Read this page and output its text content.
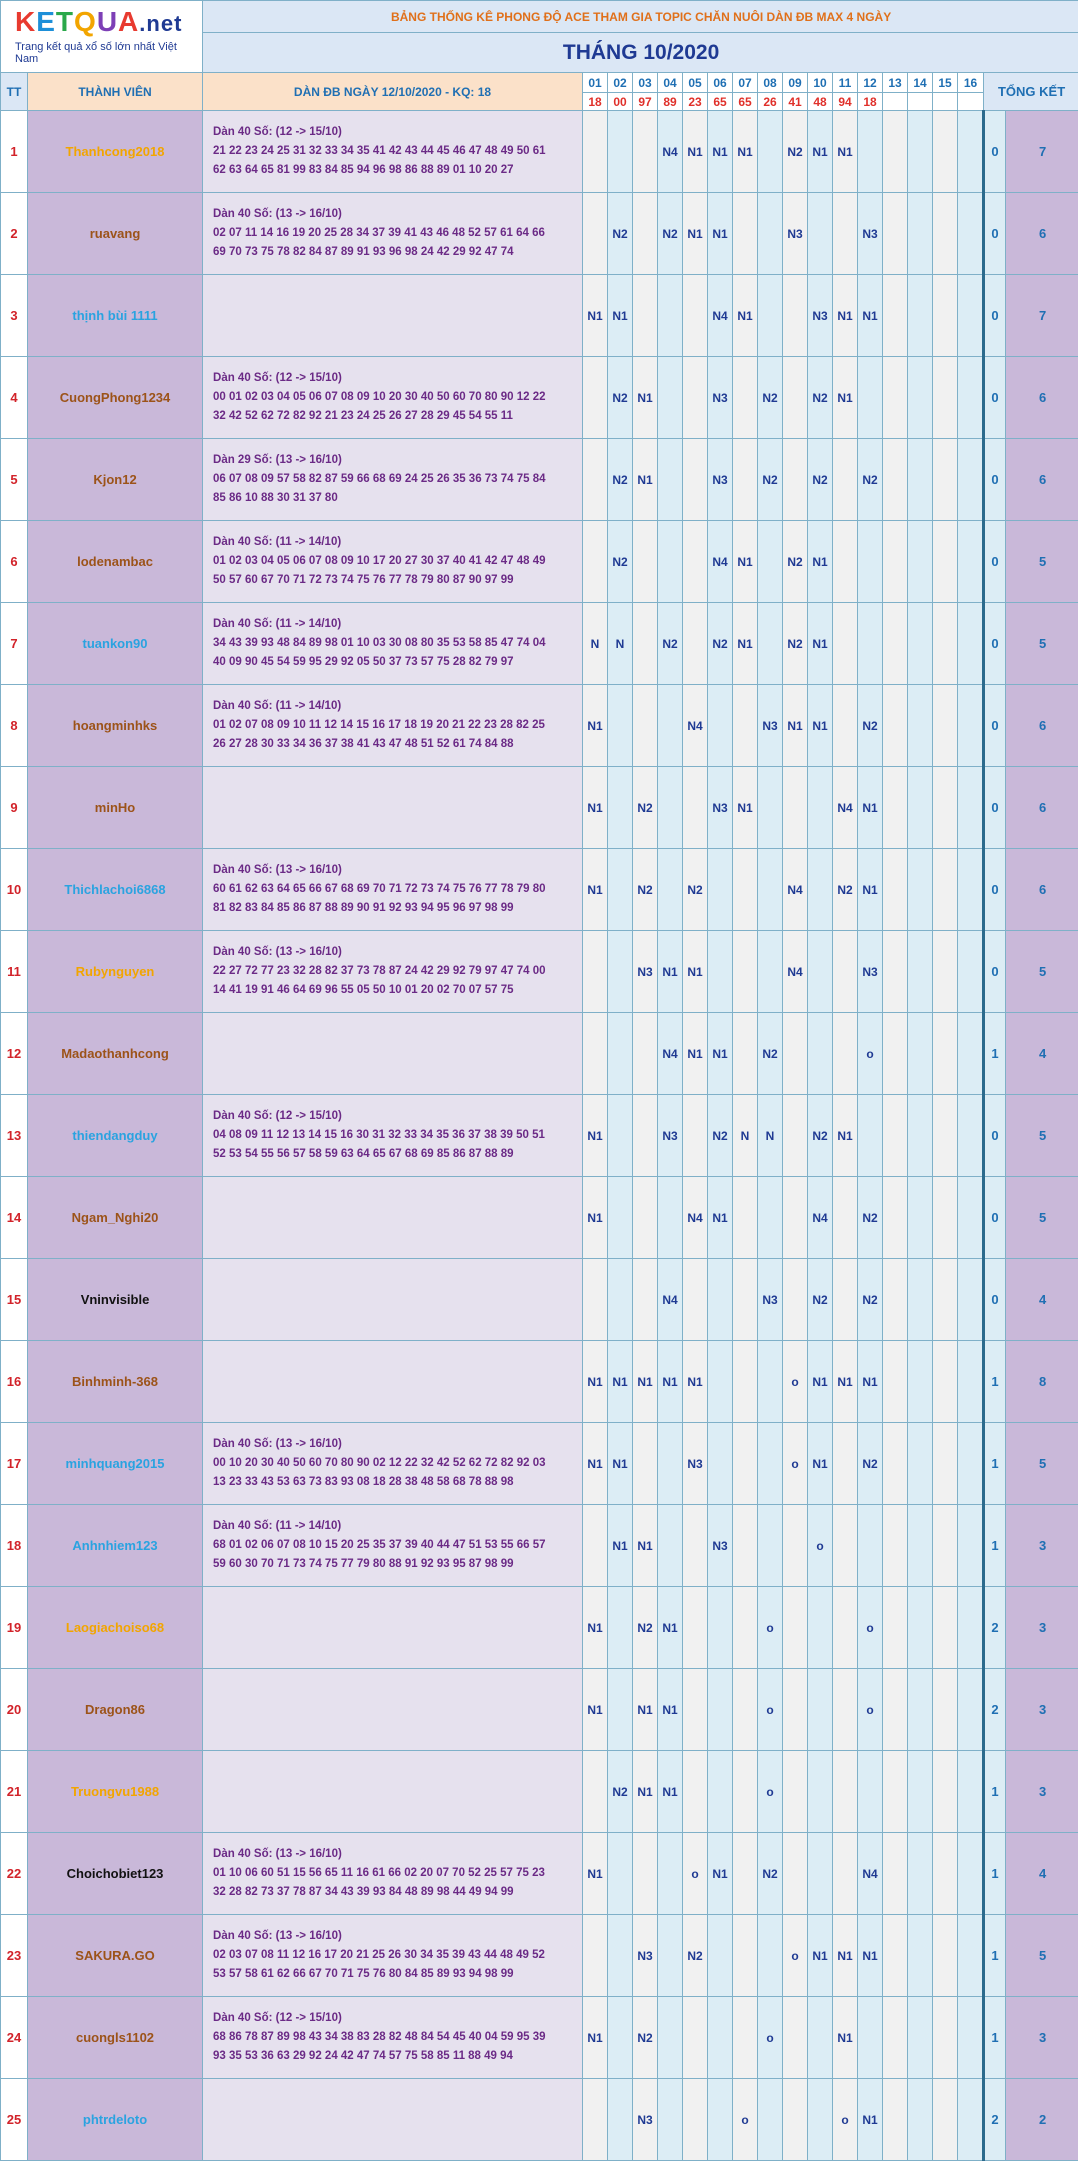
KETQUA.net
Trang kết quả xổ số lớn nhất Việt Nam		BẢNG THỐNG KÊ PHONG ĐỘ ACE THAM GIA TOPIC CHĂN NUÔI DÀN ĐB MAX 4 NGÀY																		
		THÁNG 10/2020																		
TT	THÀNH VIÊN	DÀN ĐB NGÀY 12/10/2020 - KQ: 18	01	02	03	04	05	06	07	08	09	10	11	12	13	14	15	16	TỔNG KẾT	
			18	00	97	89	23	65	65	26	41	48	94	18						
1	Thanhcong2018	Dàn 40 Số: (12 -> 15/10)
21 22 23 24 25 31 32 33 34 35 41 42 43 44 45 46 47 48 49 50 61
62 63 64 65 81 99 83 84 85 94 96 98 86 88 89 01 10 20 27				N4	N1	N1	N1		N2	N1	N1						0	7
2	ruavang	Dàn 40 Số: (13 -> 16/10)
02 07 11 14 16 19 20 25 28 34 37 39 41 43 46 48 52 57 61 64 66
69 70 73 75 78 82 84 87 89 91 93 96 98 24 42 29 92 47 74		N2		N2	N1	N1			N3			N3					0	6
3	thịnh bùi 1111		N1	N1				N4	N1			N3	N1	N1					0	7
4	CuongPhong1234	Dàn 40 Số: (12 -> 15/10)
00 01 02 03 04 05 06 07 08 09 10 20 30 40 50 60 70 80 90 12 22
32 42 52 62 72 82 92 21 23 24 25 26 27 28 29 45 54 55 11		N2	N1			N3		N2		N2	N1						0	6
5	Kjon12	Dàn 29 Số: (13 -> 16/10)
06 07 08 09 57 58 82 87 59 66 68 69 24 25 26 35 36 73 74 75 84
85 86 10 88 30 31 37 80		N2	N1			N3		N2		N2		N2					0	6
6	lodenambac	Dàn 40 Số: (11 -> 14/10)
01 02 03 04 05 06 07 08 09 10 17 20 27 30 37 40 41 42 47 48 49
50 57 60 67 70 71 72 73 74 75 76 77 78 79 80 87 90 97 99		N2				N4	N1		N2	N1							0	5
7	tuankon90	Dàn 40 Số: (11 -> 14/10)
34 43 39 93 48 84 89 98 01 10 03 30 08 80 35 53 58 85 47 74 04
40 09 90 45 54 59 95 29 92 05 50 37 73 57 75 28 82 79 97	N	N		N2		N2	N1		N2	N1							0	5
8	hoangminhks	Dàn 40 Số: (11 -> 14/10)
01 02 07 08 09 10 11 12 14 15 16 17 18 19 20 21 22 23 28 82 25
26 27 28 30 33 34 36 37 38 41 43 47 48 51 52 61 74 84 88	N1				N4			N3	N1	N1		N2					0	6
9	minHo		N1		N2			N3	N1				N4	N1					0	6
10	Thichlachoi6868	Dàn 40 Số: (13 -> 16/10)
60 61 62 63 64 65 66 67 68 69 70 71 72 73 74 75 76 77 78 79 80
81 82 83 84 85 86 87 88 89 90 91 92 93 94 95 96 97 98 99	N1		N2		N2				N4		N2	N1					0	6
11	Rubynguyen	Dàn 40 Số: (13 -> 16/10)
22 27 72 77 23 32 28 82 37 73 78 87 24 42 29 92 79 97 47 74 00
14 41 19 91 46 64 69 96 55 05 50 10 01 20 02 70 07 57 75			N3	N1	N1				N4			N3					0	5
12	Madaothanhcong					N4	N1	N1		N2				o					1	4
13	thiendangduy	Dàn 40 Số: (12 -> 15/10)
04 08 09 11 12 13 14 15 16 30 31 32 33 34 35 36 37 38 39 50 51
52 53 54 55 56 57 58 59 63 64 65 67 68 69 85 86 87 88 89	N1			N3		N2	N	N		N2	N1						0	5
14	Ngam_Nghi20		N1				N4	N1				N4		N2					0	5
15	Vninvisible					N4				N3		N2		N2					0	4
16	Binhminh-368		N1	N1	N1	N1	N1				o	N1	N1	N1					1	8
17	minhquang2015	Dàn 40 Số: (13 -> 16/10)
00 10 20 30 40 50 60 70 80 90 02 12 22 32 42 52 62 72 82 92 03
13 23 33 43 53 63 73 83 93 08 18 28 38 48 58 68 78 88 98	N1	N1			N3				o	N1		N2					1	5
18	Anhnhiem123	Dàn 40 Số: (11 -> 14/10)
68 01 02 06 07 08 10 15 20 25 35 37 39 40 44 47 51 53 55 66 57
59 60 30 70 71 73 74 75 77 79 80 88 91 92 93 95 87 98 99		N1	N1			N3				o							1	3
19	Laogiachoiso68		N1		N2	N1				o				o					2	3
20	Dragon86		N1		N1	N1				o				o					2	3
21	Truongvu1988			N2	N1	N1				o									1	3
22	Choichobiet123	Dàn 40 Số: (13 -> 16/10)
01 10 06 60 51 15 56 65 11 16 61 66 02 20 07 70 52 25 57 75 23
32 28 82 73 37 78 87 34 43 39 93 84 48 89 98 44 49 94 99	N1				o	N1		N2				N4					1	4
23	SAKURA.GO	Dàn 40 Số: (13 -> 16/10)
02 03 07 08 11 12 16 17 20 21 25 26 30 34 35 39 43 44 48 49 52
53 57 58 61 62 66 67 70 71 75 76 80 84 85 89 93 94 98 99			N3		N2				o	N1	N1	N1					1	5
24	cuongls1102	Dàn 40 Số: (12 -> 15/10)
68 86 78 87 89 98 43 34 38 83 28 82 48 84 54 45 40 04 59 95 39
93 35 53 36 63 29 92 24 42 47 74 57 75 58 85 11 88 49 94	N1		N2					o			N1						1	3
25	phtrdeloto				N3				o				o	N1					2	2
